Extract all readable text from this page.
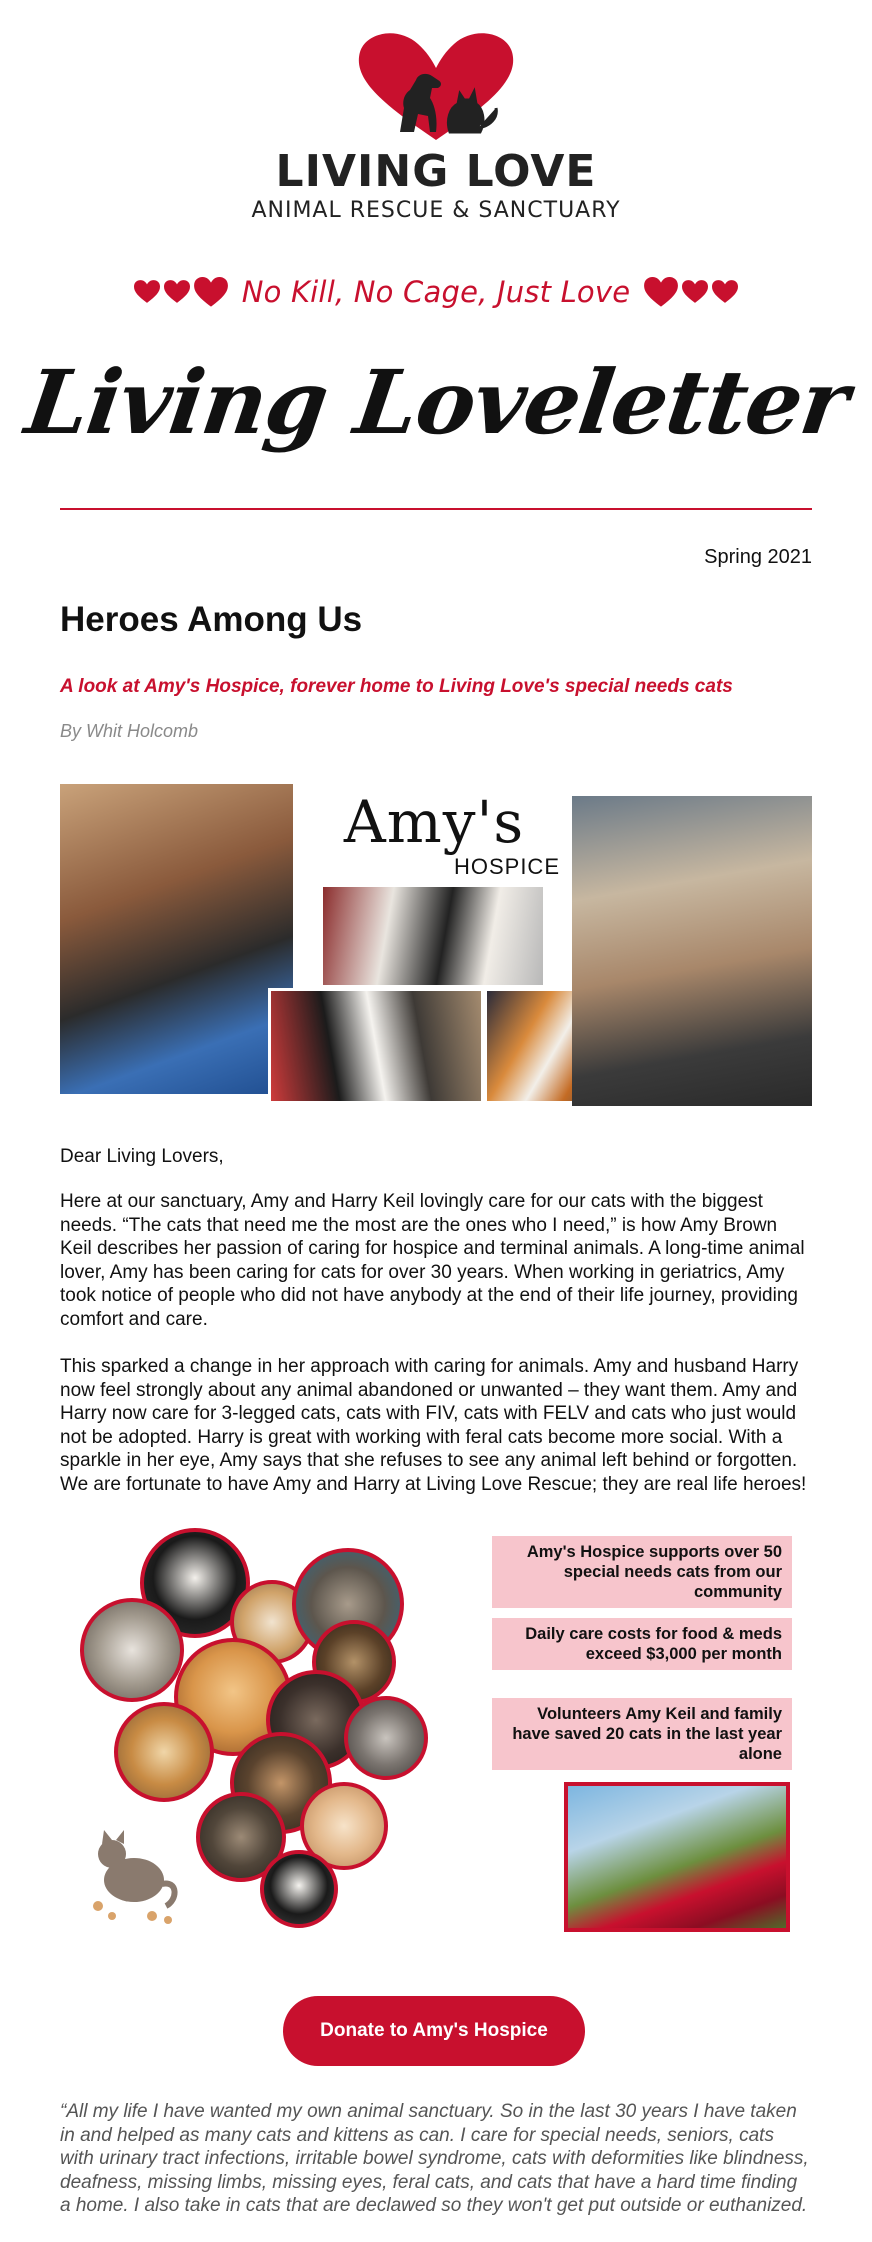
LIVING LOVE
ANIMAL RESCUE & SANCTUARY
No Kill, No Cage, Just Love
Living Loveletter
Spring 2021
Heroes Among Us
A look at Amy's Hospice, forever home to Living Love's special needs cats
By Whit Holcomb
Amy's
HOSPICE
Dear Living Lovers,

Here at our sanctuary, Amy and Harry Keil lovingly care for our cats with the biggest needs. “The cats that need me the most are the ones who I need,” is how Amy Brown Keil describes her passion of caring for hospice and terminal animals. A long-time animal lover, Amy has been caring for cats for over 30 years. When working in geriatrics, Amy took notice of people who did not have anybody at the end of their life journey, providing comfort and care.

This sparked a change in her approach with caring for animals. Amy and husband Harry now feel strongly about any animal abandoned or unwanted – they want them. Amy and Harry now care for 3-legged cats, cats with FIV, cats with FELV and cats who just would not be adopted. Harry is great with working with feral cats become more social. With a sparkle in her eye, Amy says that she refuses to see any animal left behind or forgotten. We are fortunate to have Amy and Harry at Living Love Rescue; they are real life heroes!

Amy's Hospice supports over 50 special needs cats from our community
Daily care costs for food & meds exceed $3,000 per month
Volunteers Amy Keil and family have saved 20 cats in the last year alone
Donate to Amy's Hospice

“All my life I have wanted my own animal sanctuary. So in the last 30 years I have taken in and helped as many cats and kittens as can. I care for special needs, seniors, cats with urinary tract infections, irritable bowel syndrome, cats with deformities like blindness, deafness, missing limbs, missing eyes, feral cats, and cats that have a hard time finding a home. I also take in cats that are declawed so they won't get put outside or euthanized.
